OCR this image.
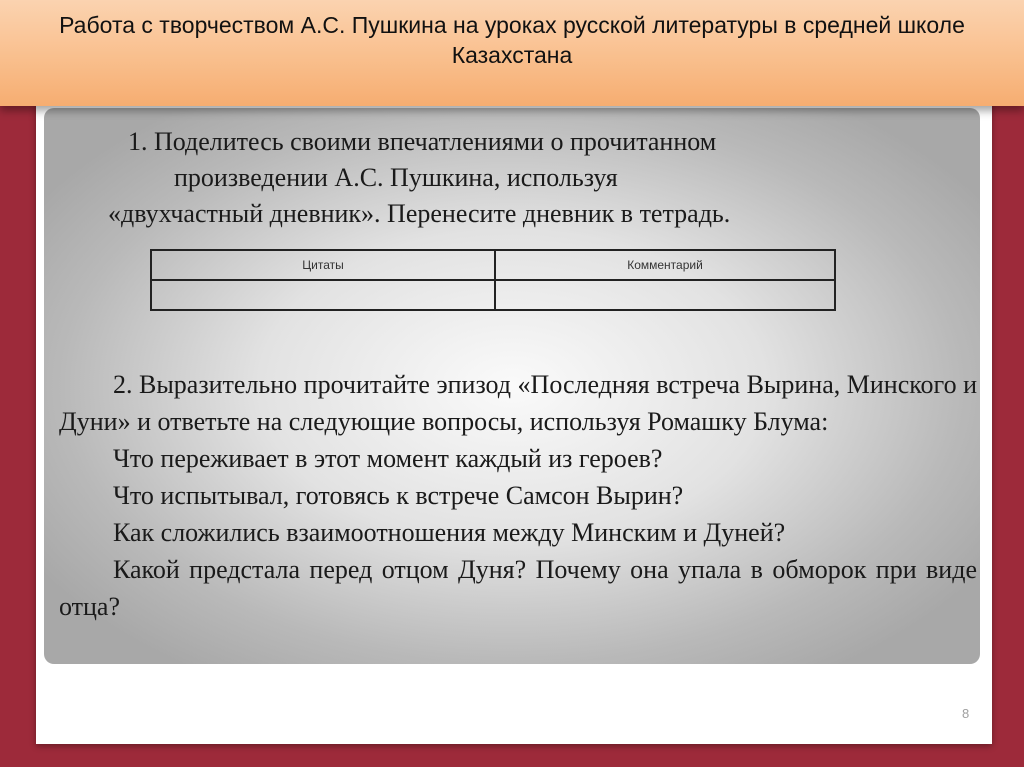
Работа с творчеством А.С. Пушкина на уроках русской литературы в средней школе Казахстана
1. Поделитесь своими впечатлениями о прочитанном
произведении А.С. Пушкина, используя
«двухчастный дневник». Перенесите дневник в тетрадь.
Цитаты	Комментарий

2. Выразительно прочитайте эпизод «Последняя встреча Вырина, Минского и Дуни» и ответьте на следующие вопросы, используя Ромашку Блума:

Что переживает в этот момент каждый из героев?

Что испытывал, готовясь к встрече Самсон Вырин?

Как сложились взаимоотношения между Минским и Дуней?

Какой предстала перед отцом Дуня? Почему она упала в обморок при виде отца?

8
